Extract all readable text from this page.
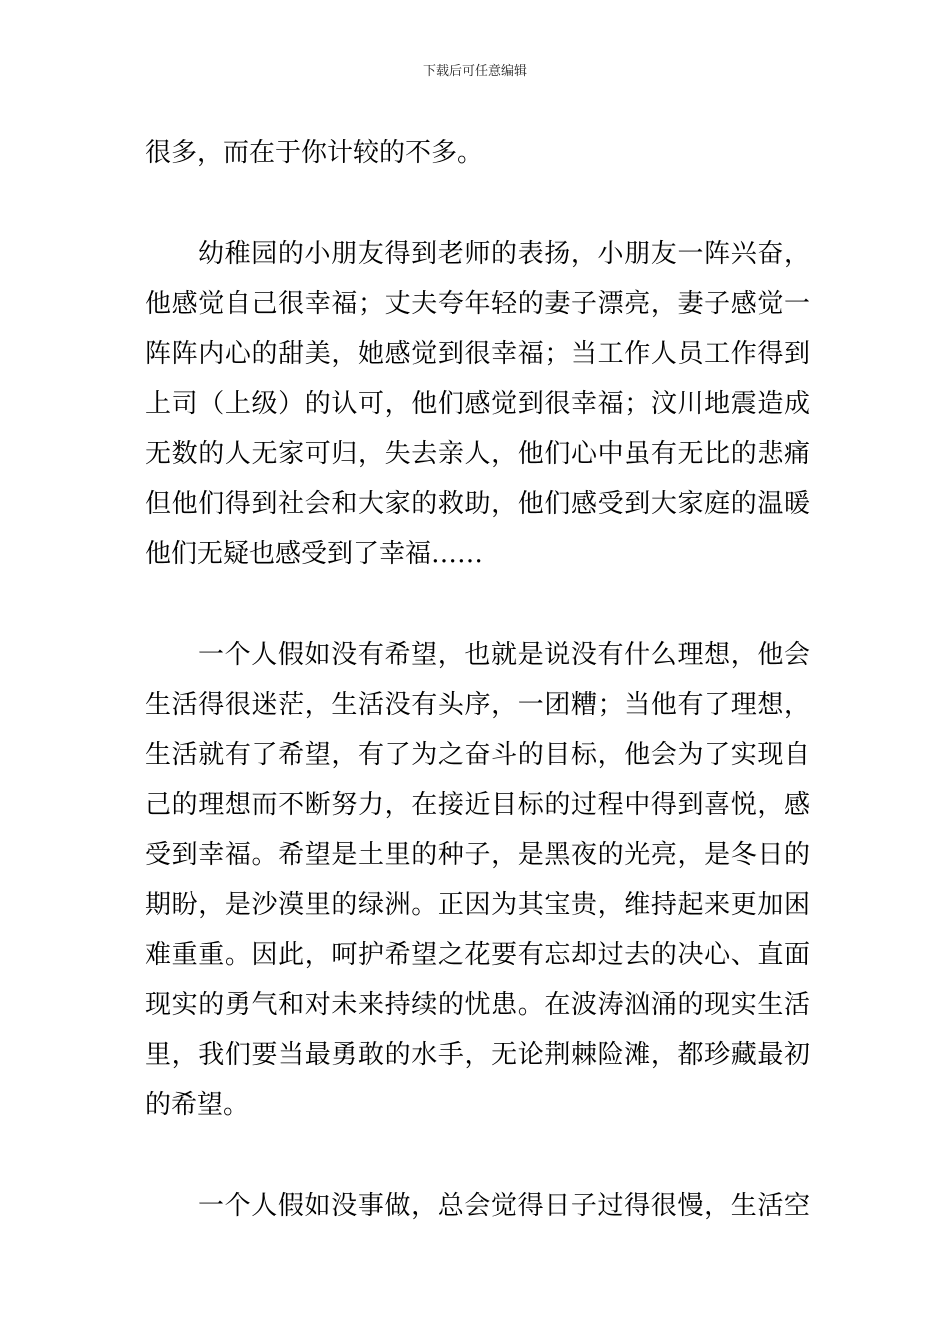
下载后可任意编辑
很多，而在于你计较的不多。
幼稚园的小朋友得到老师的表扬，小朋友一阵兴奋，
他感觉自己很幸福；丈夫夸年轻的妻子漂亮，妻子感觉一
阵阵内心的甜美，她感觉到很幸福；当工作人员工作得到
上司（上级）的认可，他们感觉到很幸福；汶川地震造成
无数的人无家可归，失去亲人，他们心中虽有无比的悲痛
但他们得到社会和大家的救助，他们感受到大家庭的温暖
他们无疑也感受到了幸福……
一个人假如没有希望，也就是说没有什么理想，他会
生活得很迷茫，生活没有头序，一团糟；当他有了理想，
生活就有了希望，有了为之奋斗的目标，他会为了实现自
己的理想而不断努力，在接近目标的过程中得到喜悦，感
受到幸福。希望是土里的种子，是黑夜的光亮，是冬日的
期盼，是沙漠里的绿洲。正因为其宝贵，维持起来更加困
难重重。因此，呵护希望之花要有忘却过去的决心、直面
现实的勇气和对未来持续的忧患。在波涛汹涌的现实生活
里，我们要当最勇敢的水手，无论荆棘险滩，都珍藏最初
的希望。
一个人假如没事做，总会觉得日子过得很慢，生活空
